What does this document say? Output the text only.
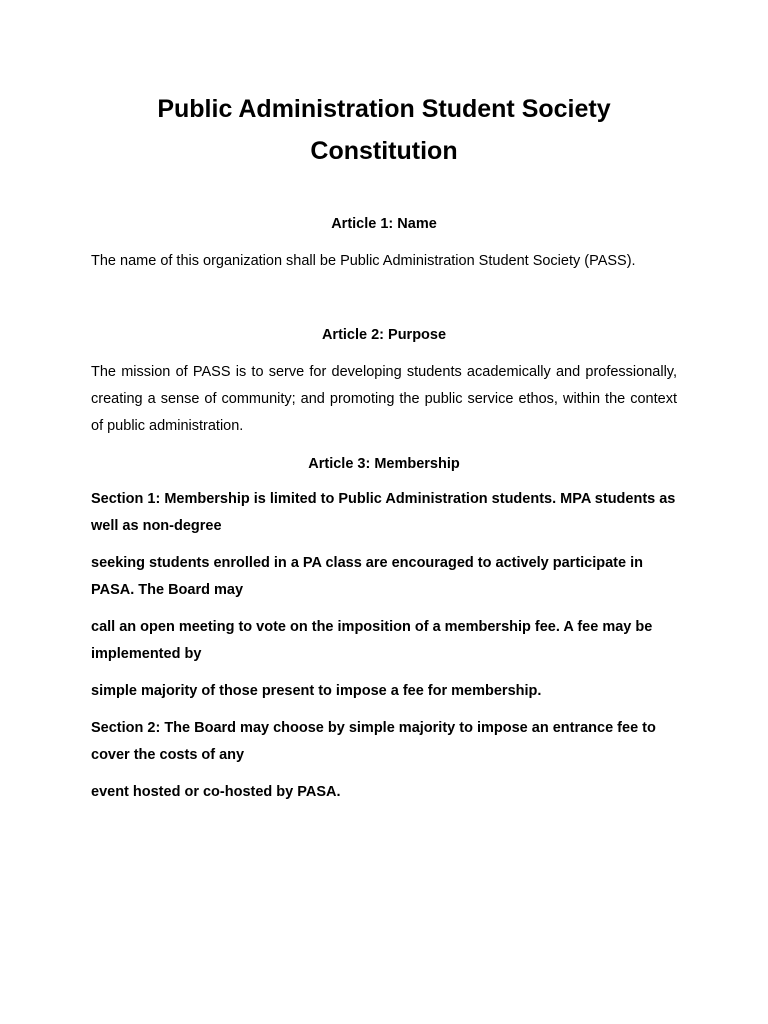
Public Administration Student Society
Constitution
Article 1: Name
The name of this organization shall be Public Administration Student Society (PASS).
Article 2: Purpose
The mission of PASS is to serve for developing students academically and professionally, creating a sense of community; and promoting the public service ethos, within the context of public administration.
Article 3: Membership
Section 1: Membership is limited to Public Administration students. MPA students as well as non-degree
seeking students enrolled in a PA class are encouraged to actively participate in PASA. The Board may
call an open meeting to vote on the imposition of a membership fee. A fee may be implemented by
simple majority of those present to impose a fee for membership.
Section 2: The Board may choose by simple majority to impose an entrance fee to cover the costs of any
event hosted or co-hosted by PASA.
